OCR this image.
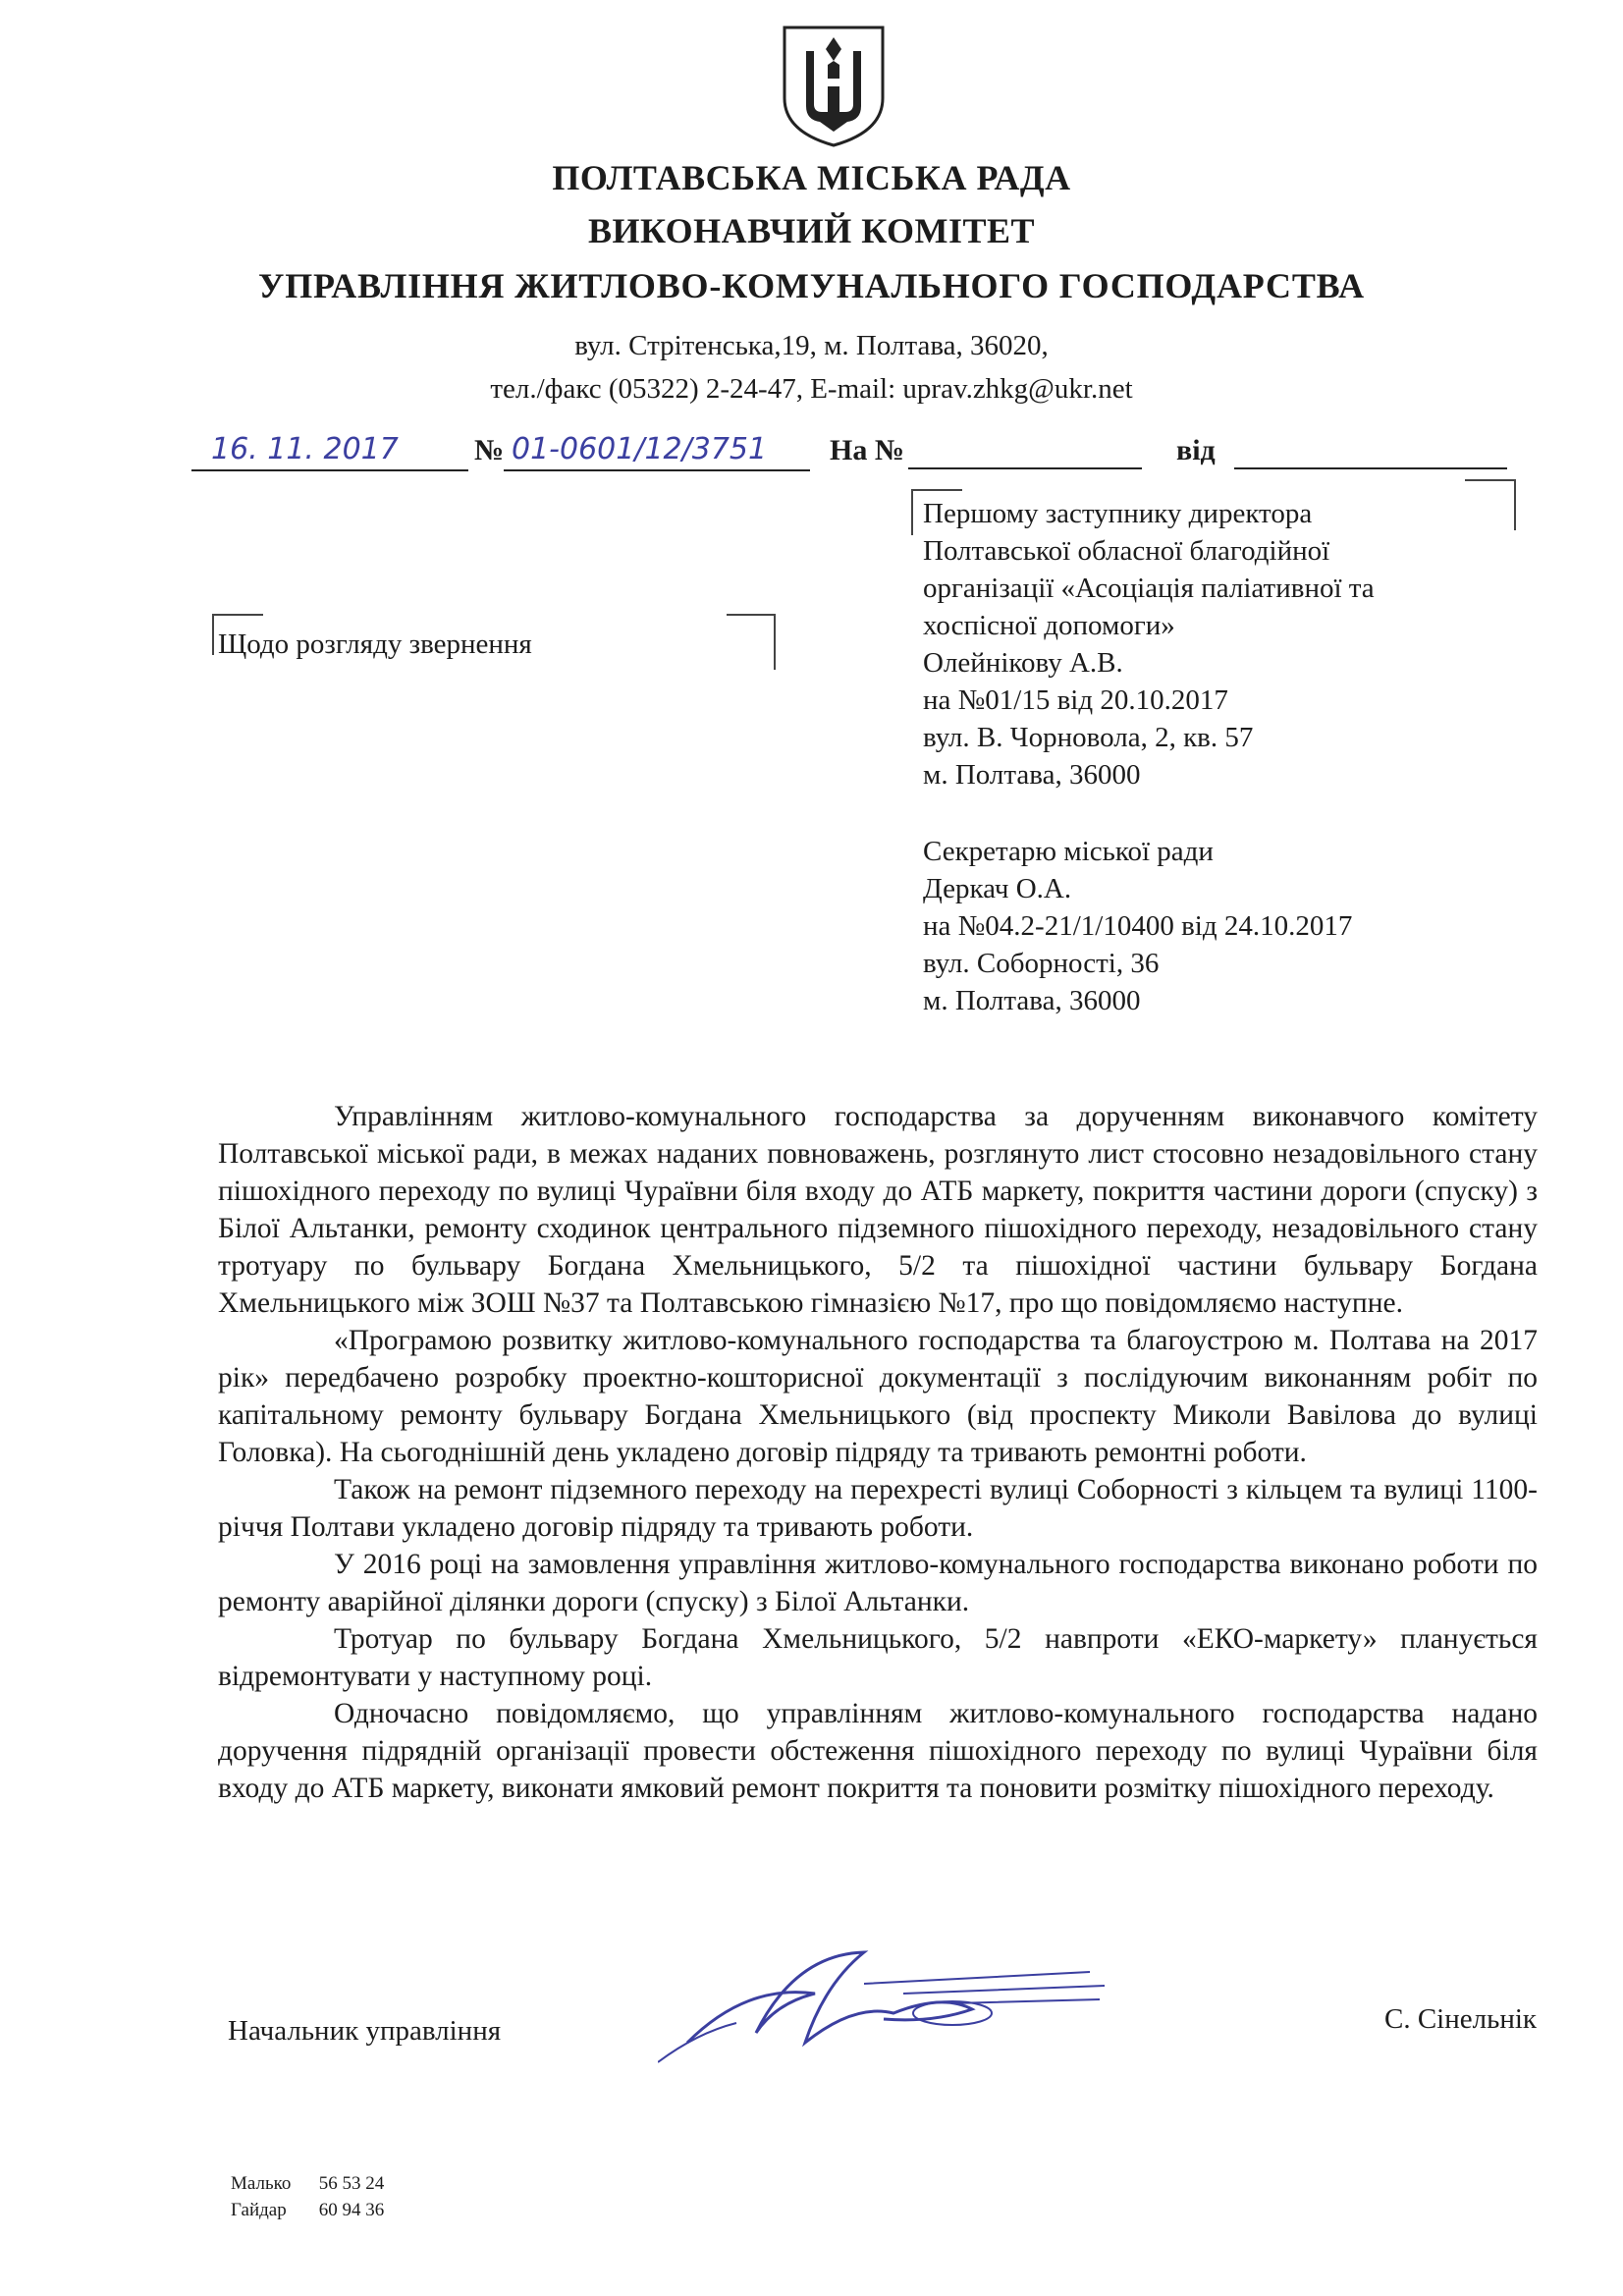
ПОЛТАВСЬКА МІСЬКА РАДА
ВИКОНАВЧИЙ КОМІТЕТ
УПРАВЛІННЯ ЖИТЛОВО-КОМУНАЛЬНОГО ГОСПОДАРСТВА
вул. Стрітенська,19, м. Полтава, 36020,
тел./факс (05322) 2-24-47, E-mail: uprav.zhkg@ukr.net
16. 11. 2017	№ 01-0601/12/3751 На №	від
Щодо розгляду звернення
Першому заступнику директора
Полтавської обласної благодійної
організації «Асоціація паліативної та
хоспісної допомоги»
Олейнікову А.В.
на №01/15 від 20.10.2017
вул. В. Чорновола, 2, кв. 57
м. Полтава, 36000
Секретарю міської ради
Деркач О.А.
на №04.2-21/1/10400 від 24.10.2017
вул. Соборності, 36
м. Полтава, 36000

Управлінням житлово-комунального господарства за дорученням виконавчого комітету Полтавської міської ради, в межах наданих повноважень, розглянуто лист стосовно незадовільного стану пішохідного переходу по вулиці Чураївни біля входу до АТБ маркету, покриття частини дороги (спуску) з Білої Альтанки, ремонту сходинок центрального підземного пішохідного переходу, незадовільного стану тротуару по бульвару Богдана Хмельницького, 5/2 та пішохідної частини бульвару Богдана Хмельницького між ЗОШ №37 та Полтавською гімназією №17, про що повідомляємо наступне.

«Програмою розвитку житлово-комунального господарства та благоустрою м. Полтава на 2017 рік» передбачено розробку проектно-кошторисної документації з послідуючим виконанням робіт по капітальному ремонту бульвару Богдана Хмельницького (від проспекту Миколи Вавілова до вулиці Головка). На сьогоднішній день укладено договір підряду та тривають ремонтні роботи.

Також на ремонт підземного переходу на перехресті вулиці Соборності з кільцем та вулиці 1100-річчя Полтави укладено договір підряду та тривають роботи.

У 2016 році на замовлення управління житлово-комунального господарства виконано роботи по ремонту аварійної ділянки дороги (спуску) з Білої Альтанки.

Тротуар по бульвару Богдана Хмельницького, 5/2 навпроти «ЕКО-маркету» планується відремонтувати у наступному році.

Одночасно повідомляємо, що управлінням житлово-комунального господарства надано доручення підрядній організації провести обстеження пішохідного переходу по вулиці Чураївни біля входу до АТБ маркету, виконати ямковий ремонт покриття та поновити розмітку пішохідного переходу.

Начальник управління	С. Сінельнік
Малько 56 53 24
Гайдар 60 94 36
